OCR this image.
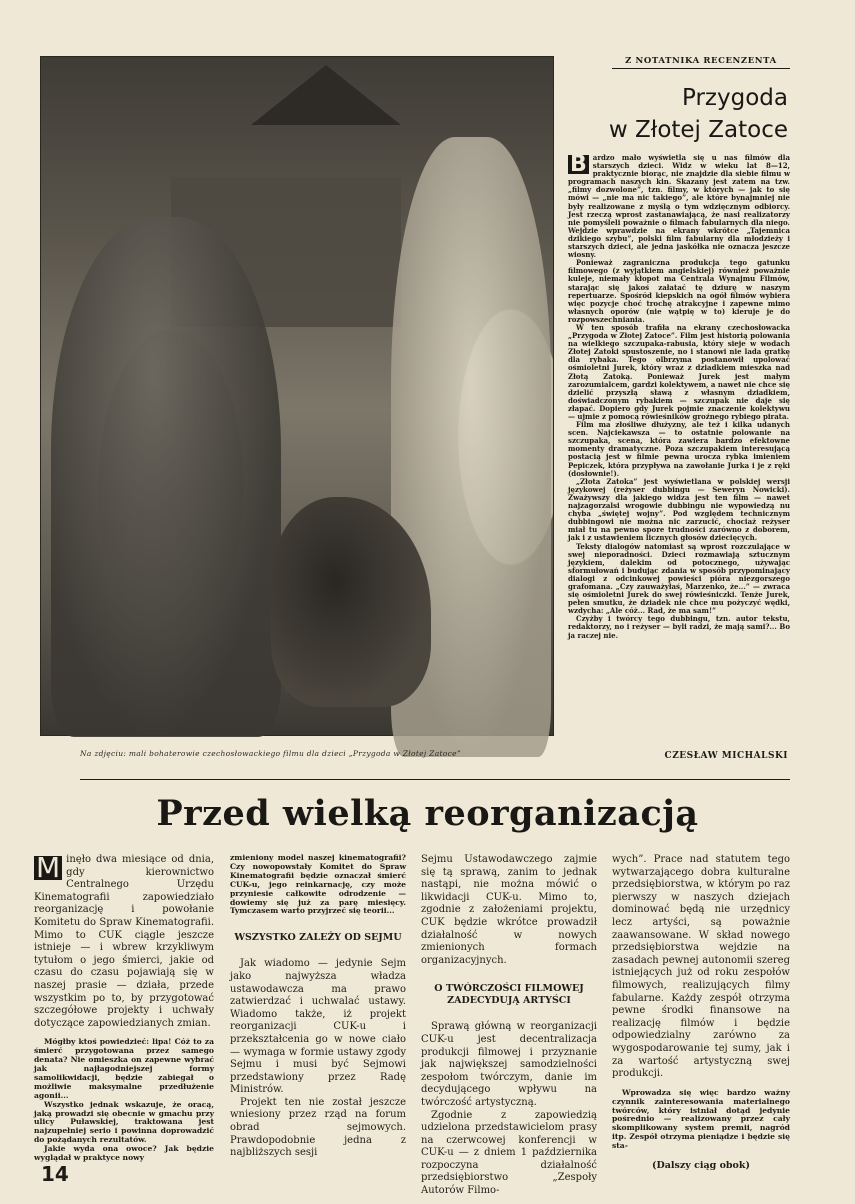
Na zdjęciu: mali bohaterowie czechosłowackiego filmu dla dzieci „Przygoda w Złotej Zatoce”
Z NOTATNIKA RECENZENTA
Przygoda
w Złotej Zatoce

B ardzo mało wyświetla się u nas filmów dla starszych dzieci. Widz w wieku lat 8—12, praktycznie biorąc, nie znajdzie dla siebie filmu w programach naszych kin. Skazany jest zatem na tzw. „filmy dozwolone”, tzn. filmy, w których — jak to się mówi — „nie ma nic takiego”, ale które bynajmniej nie były realizowane z myślą o tym wdzięcznym odbiorcy. Jest rzeczą wprost zastanawiającą, że nasi realizatorzy nie pomyśleli poważnie o filmach fabularnych dla niego. Wejdzie wprawdzie na ekrany wkrótce „Tajemnica dzikiego szybu”, polski film fabularny dla młodzieży i starszych dzieci, ale jedna jaskółka nie oznacza jeszcze wiosny.

Ponieważ zagraniczna produkcja tego gatunku filmowego (z wyjątkiem angielskiej) również poważnie kuleje, niemały kłopot ma Centrala Wynajmu Filmów, starając się jakoś załatać tę dziurę w naszym repertuarze. Spośród kiepskich na ogół filmów wybiera więc pozycje choć trochę atrakcyjne i zapewne mimo własnych oporów (nie wątpię w to) kieruje je do rozpowszechniania.

W ten sposób trafiła na ekrany czechosłowacka „Przygoda w Złotej Zatoce”. Film jest historią polowania na wielkiego szczupaka-rabusia, który sieje w wodach Złotej Zatoki spustoszenie, no i stanowi nie lada gratkę dla rybaka. Tego olbrzyma postanowił upolować ośmioletni Jurek, który wraz z dziadkiem mieszka nad Złotą Zatoką. Ponieważ Jurek jest małym zarozumialcem, gardzi kolektywem, a nawet nie chce się dzielić przyszłą sławą z własnym dziadkiem, doświadczonym rybakiem — szczupak nie daje się złapać. Dopiero gdy Jurek pojmie znaczenie kolektywu — ujmie z pomocą rówieśników groźnego rybiego pirata.

Film ma złośliwe dłużyzny, ale też i kilka udanych scen. Najciekawsza — to ostatnie polowanie na szczupaka, scena, która zawiera bardzo efektowne momenty dramatyczne. Poza szczupakiem interesującą postacią jest w filmie pewna urocza rybka imieniem Pepiczek, która przypływa na zawołanie Jurka i je z ręki (dosłownie!).

„Złota Zatoka” jest wyświetlana w polskiej wersji językowej (reżyser dubbingu — Seweryn Nowicki). Zważywszy dla jakiego widza jest ten film — nawet najzagorzalsi wrogowie dubbingu nie wypowiedzą nu chyba „świętej wojny”. Pod względem technicznym dubbingowi nie można nic zarzucić, chociaż reżyser miał tu na pewno spore trudności zarówno z doborem, jak i z ustawieniem licznych głosów dziecięcych.

Teksty dialogów natomiast są wprost rozczulające w swej nieporadności. Dzieci rozmawiają sztucznym językiem, dalekim od potocznego, używając sformułowań i budując zdania w sposób przypominający dialogi z odcinkowej powieści pióra niezgorszego grafomana. „Czy zauważyłaś, Marzenko, że...” — zwraca się ośmioletni Jurek do swej rówieśniczki. Tenże Jurek, pełen smutku, że dziadek nie chce mu pożyczyć wędki, wzdycha: „Ale cóż... Rad, że ma sam!”

Czyżby i twórcy tego dubbingu, tzn. autor tekstu, redaktorzy, no i reżyser — byli radzi, że mają sami?... Bo ja raczej nie.

CZESŁAW MICHALSKI
Przed wielką reorganizacją

M inęło dwa miesiące od dnia, gdy kierownictwo Centralnego Urzędu Kinematografii zapowiedziało reorganizację i powołanie Komitetu do Spraw Kinematografii. Mimo to CUK ciągle jeszcze istnieje — i wbrew krzykliwym tytułom o jego śmierci, jakie od czasu do czasu pojawiają się w naszej prasie — działa, przede wszystkim po to, by przygotować szczegółowe projekty i uchwały dotyczące zapowiedzianych zmian.

Mógłby ktoś powiedzieć: lipa! Cóż to za śmierć przygotowana przez samego denata? Nie omieszka on zapewne wybrać jak najłagodniejszej formy samolikwidacji, będzie zabiegał o możliwie maksymalne przedłużenie agonii...

Wszystko jednak wskazuje, że oracą, jaką prowadzi się obecnie w gmachu przy ulicy Puławskiej, traktowana jest najzupełniej serio i powinna doprowadzić do pożądanych rezultatów.

Jakie wyda ona owoce? Jak będzie wyglądał w praktyce nowy

zmieniony model naszej kinematografii? Czy nowopowstały Komitet do Spraw Kinematografii będzie oznaczał śmierć CUK-u, jego reinkarnację, czy może przyniesie całkowite odrodzenie — dowiemy się już za parę miesięcy. Tymczasem warto przyjrzeć się teorii...

WSZYSTKO ZALEŻY OD SEJMU

Jak wiadomo — jedynie Sejm jako najwyższa władza ustawodawcza ma prawo zatwierdzać i uchwalać ustawy. Wiadomo także, iż projekt reorganizacji CUK-u i przekształcenia go w nowe ciało — wymaga w formie ustawy zgody Sejmu i musi być Sejmowi przedstawiony przez Radę Ministrów.

Projekt ten nie został jeszcze wniesiony przez rząd na forum obrad sejmowych. Prawdopodobnie jedna z najbliższych sesji

Sejmu Ustawodawczego zajmie się tą sprawą, zanim to jednak nastąpi, nie można mówić o likwidacji CUK-u. Mimo to, zgodnie z założeniami projektu, CUK będzie wkrótce prowadził działalność w nowych zmienionych formach organizacyjnych.

O TWÓRCZOŚCI FILMOWEJ ZADECYDUJĄ ARTYŚCI

Sprawą główną w reorganizacji CUK-u jest decentralizacja produkcji filmowej i przyznanie jak największej samodzielności zespołom twórczym, danie im decydującego wpływu na twórczość artystyczną.

Zgodnie z zapowiedzią udzielona przedstawicielom prasy na czerwcowej konferencji w CUK-u — z dniem 1 października rozpoczyna działalność przedsiębiorstwo „Zespoły Autorów Filmo-

wych”. Prace nad statutem tego wytwarzającego dobra kulturalne przedsiębiorstwa, w którym po raz pierwszy w naszych dziejach dominować będą nie urzędnicy lecz artyści, są poważnie zaawansowane. W skład nowego przedsiębiorstwa wejdzie na zasadach pewnej autonomii szereg istniejących już od roku zespołów filmowych, realizujących filmy fabularne. Każdy zespół otrzyma pewne środki finansowe na realizację filmów i będzie odpowiedzialny zarówno za wygospodarowanie tej sumy, jak i za wartość artystyczną swej produkcji.

Wprowadza się więc bardzo ważny czynnik zainteresowania materialnego twórców, który istniał dotąd jedynie pośrednio — realizowany przez cały skomplikowany system premii, nagród itp. Zespół otrzyma pieniądze i będzie się sta-

(Dalszy ciąg obok)
14
